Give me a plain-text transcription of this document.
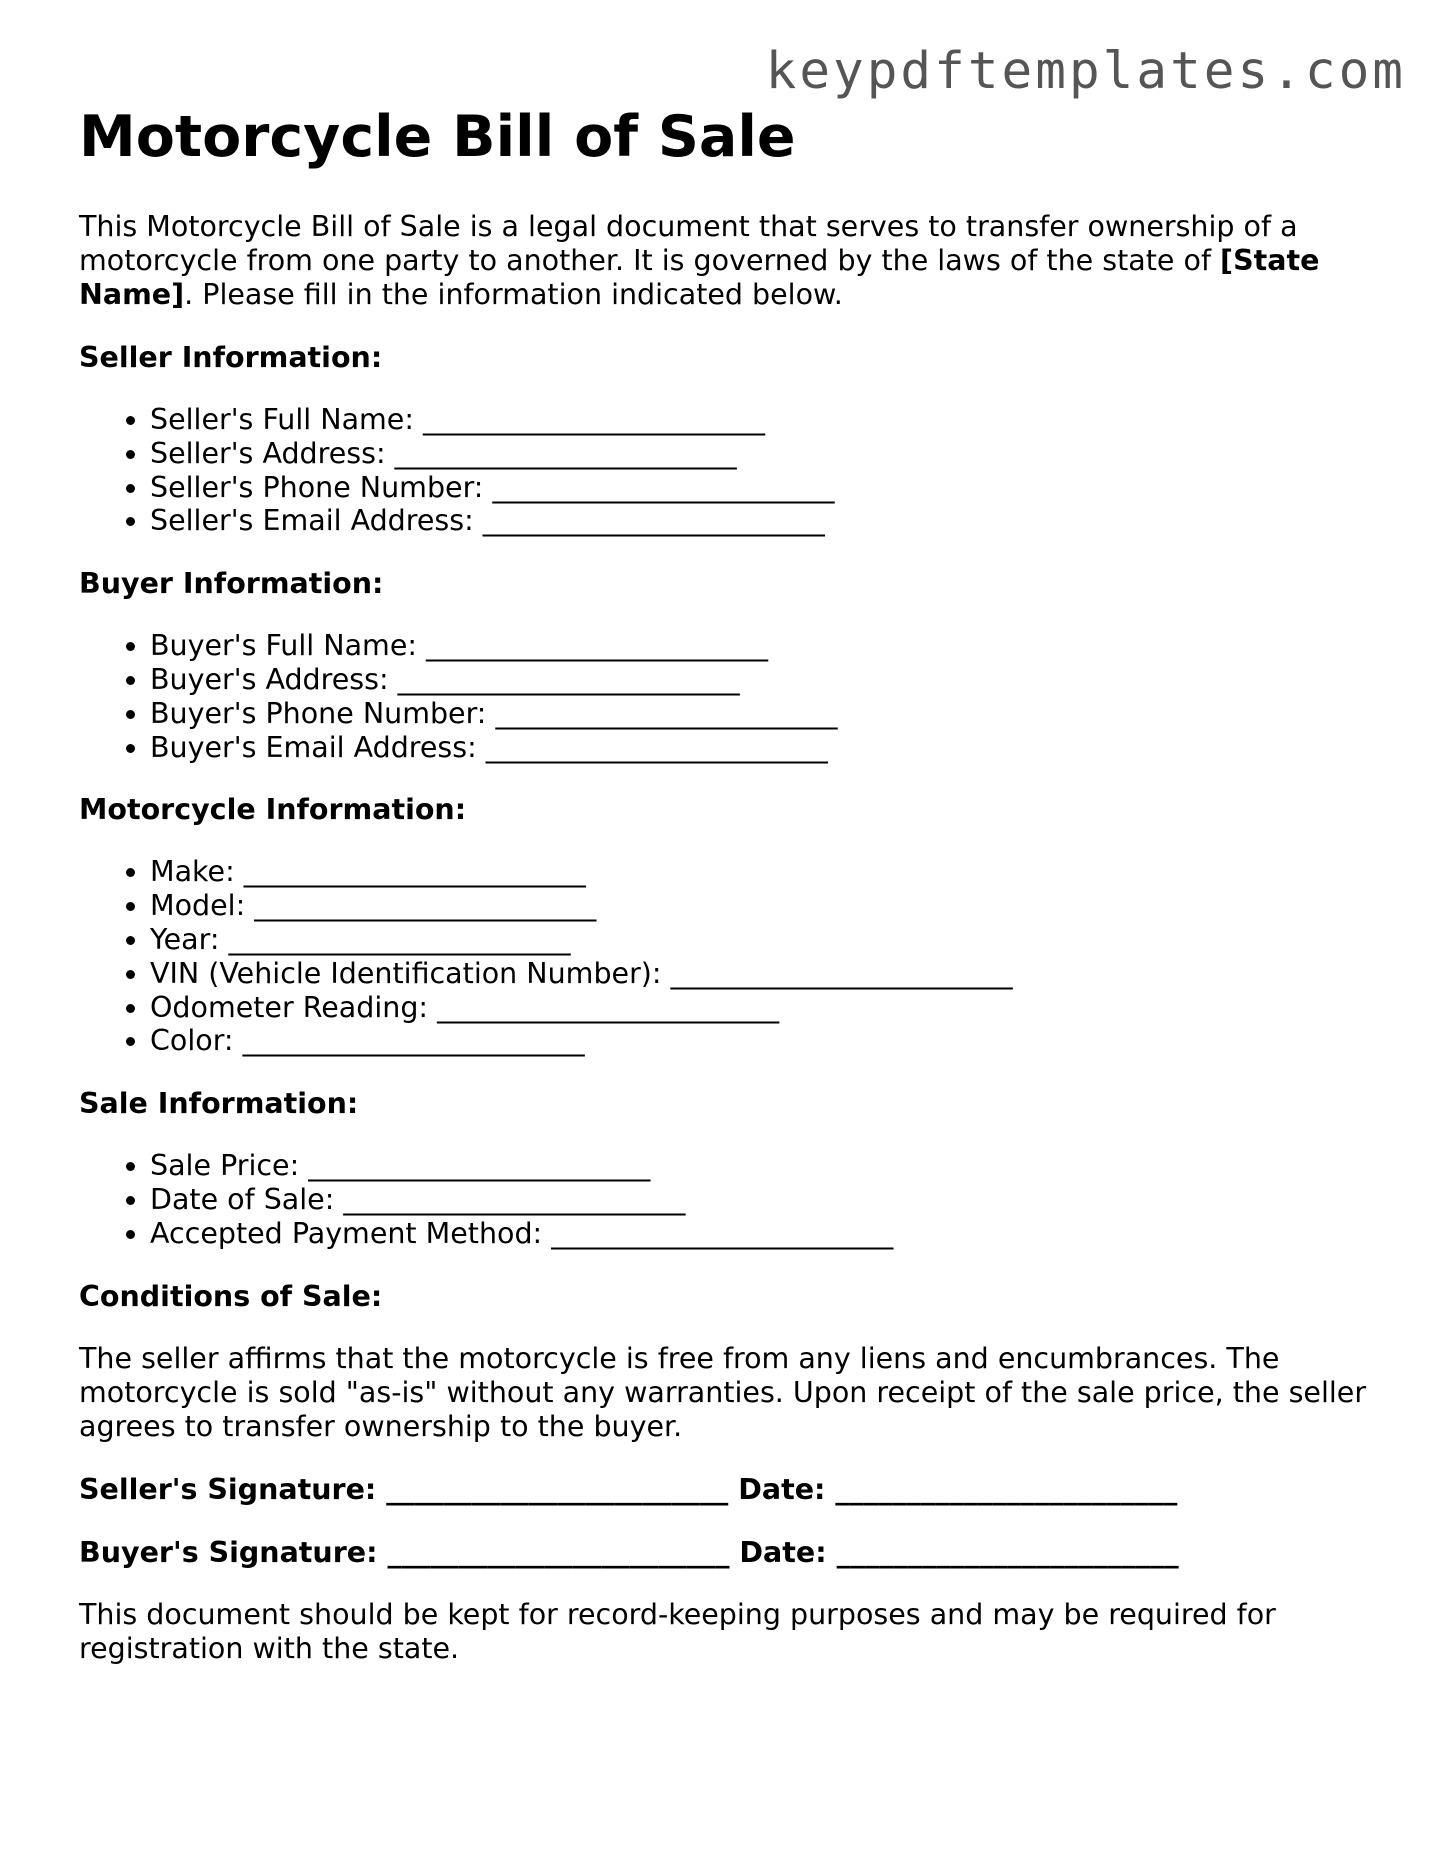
keypdftemplates.com
Motorcycle Bill of Sale

This Motorcycle Bill of Sale is a legal document that serves to transfer ownership of a motorcycle from one party to another. It is governed by the laws of the state of [State Name]. Please fill in the information indicated below.

Seller Information:
• Seller's Full Name: ________________________
• Seller's Address: ________________________
• Seller's Phone Number: ________________________
• Seller's Email Address: ________________________
Buyer Information:
• Buyer's Full Name: ________________________
• Buyer's Address: ________________________
• Buyer's Phone Number: ________________________
• Buyer's Email Address: ________________________
Motorcycle Information:
• Make: ________________________
• Model: ________________________
• Year: ________________________
• VIN (Vehicle Identification Number): ________________________
• Odometer Reading: ________________________
• Color: ________________________
Sale Information:
• Sale Price: ________________________
• Date of Sale: ________________________
• Accepted Payment Method: ________________________
Conditions of Sale:

The seller affirms that the motorcycle is free from any liens and encumbrances. The motorcycle is sold "as-is" without any warranties. Upon receipt of the sale price, the seller agrees to transfer ownership to the buyer.

Seller's Signature: ________________________ Date: ________________________
Buyer's Signature: ________________________ Date: ________________________

This document should be kept for record-keeping purposes and may be required for registration with the state.
